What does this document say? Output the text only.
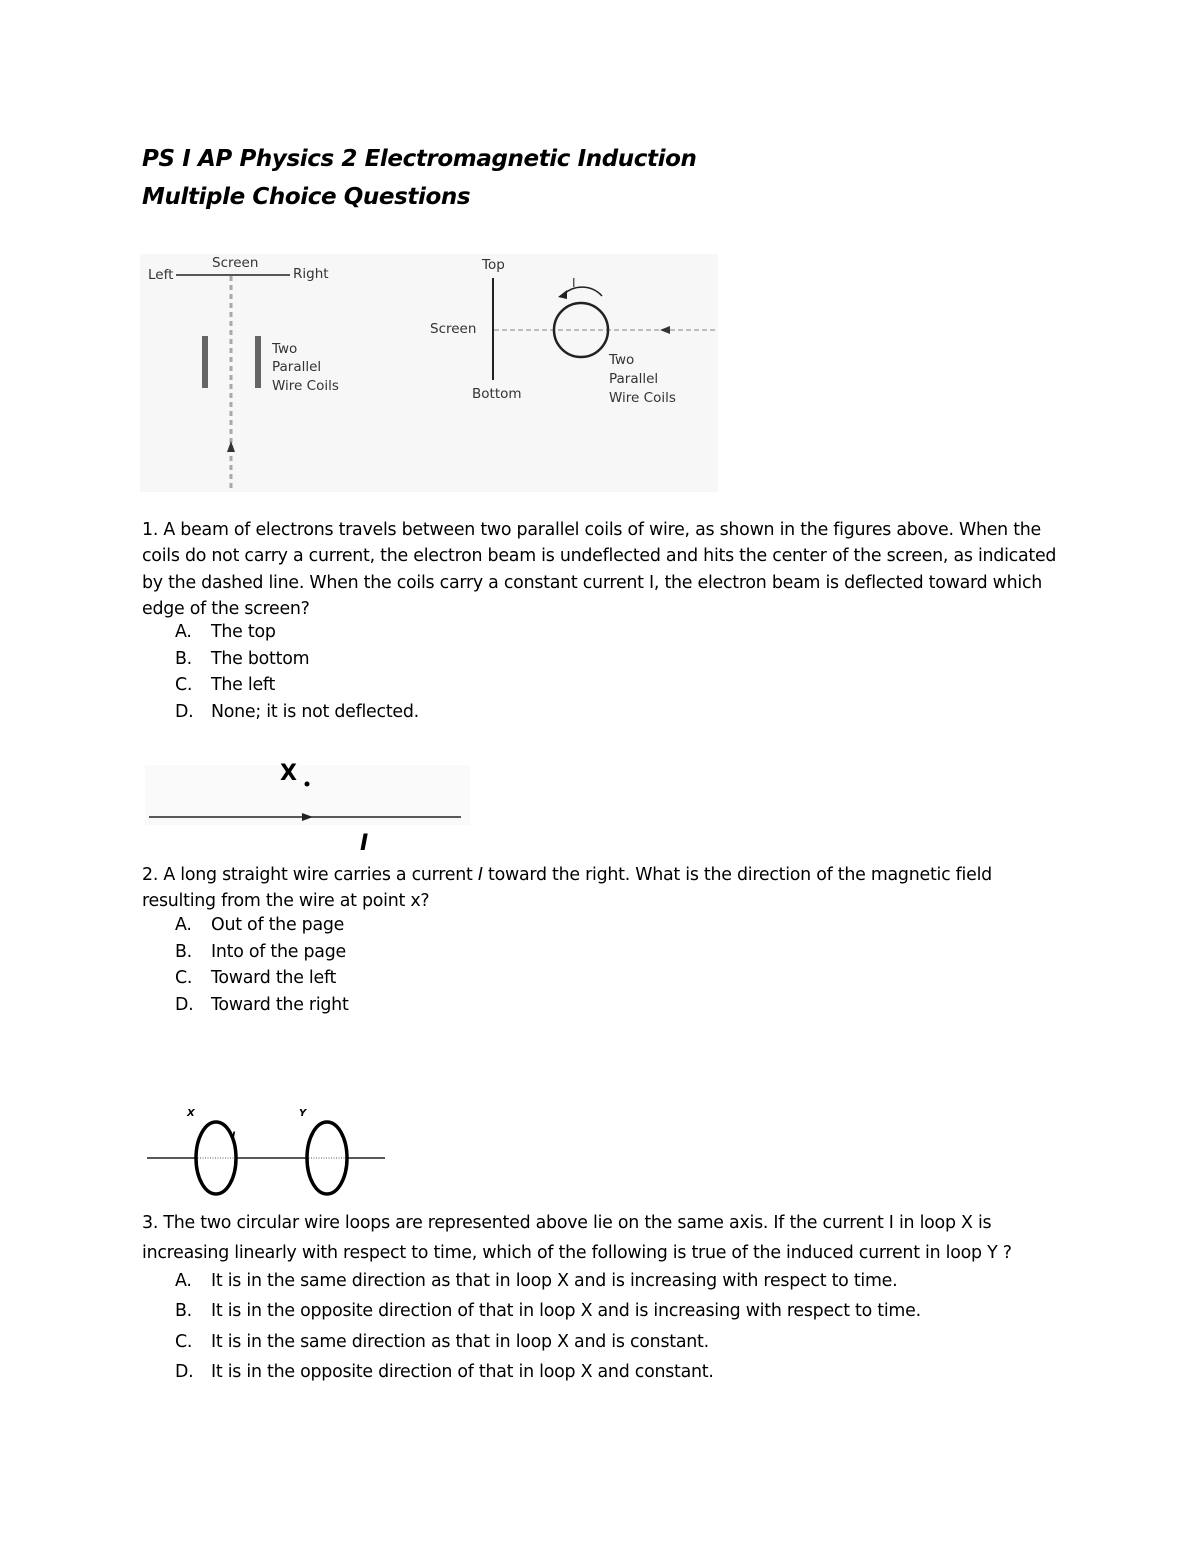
PS I AP Physics 2 Electromagnetic Induction
Multiple Choice Questions
Left
Screen
Right
Two Parallel Wire Coils
Top
Screen
Bottom
I
Two Parallel Wire Coils
1. A beam of electrons travels between two parallel coils of wire, as shown in the figures above. When the coils do not carry a current, the electron beam is undeflected and hits the center of the screen, as indicated by the dashed line. When the coils carry a constant current I, the electron beam is deflected toward which edge of the screen?
A.	The top
B.	The bottom
C.	The left
D.	None; it is not deflected.
X
I
2. A long straight wire carries a current I toward the right. What is the direction of the magnetic field resulting from the wire at point x?
A.	Out of the page
B.	Into of the page
C.	Toward the left
D.	Toward the right
X	Y
I
3. The two circular wire loops are represented above lie on the same axis. If the current I in loop X is increasing linearly with respect to time, which of the following is true of the induced current in loop Y ?
A.	It is in the same direction as that in loop X and is increasing with respect to time.
B.	It is in the opposite direction of that in loop X and is increasing with respect to time.
C.	It is in the same direction as that in loop X and is constant.
D.	It is in the opposite direction of that in loop X and constant.
